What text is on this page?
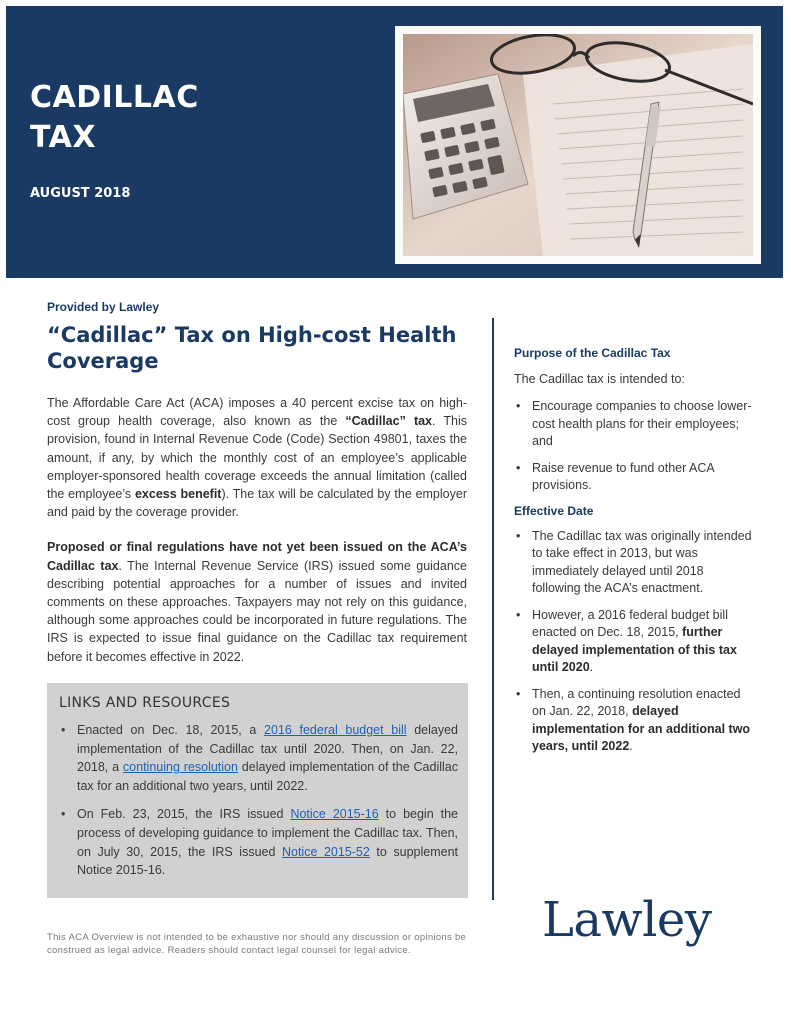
CADILLAC
TAX
AUGUST 2018
Provided by Lawley
“Cadillac” Tax on High-cost Health Coverage

The Affordable Care Act (ACA) imposes a 40 percent excise tax on high-cost group health coverage, also known as the “Cadillac” tax. This provision, found in Internal Revenue Code (Code) Section 49801, taxes the amount, if any, by which the monthly cost of an employee’s applicable employer-sponsored health coverage exceeds the annual limitation (called the employee’s excess benefit). The tax will be calculated by the employer and paid by the coverage provider.

Proposed or final regulations have not yet been issued on the ACA’s Cadillac tax. The Internal Revenue Service (IRS) issued some guidance describing potential approaches for a number of issues and invited comments on these approaches. Taxpayers may not rely on this guidance, although some approaches could be incorporated in future regulations. The IRS is expected to issue final guidance on the Cadillac tax requirement before it becomes effective in 2022.

LINKS AND RESOURCES
• Enacted on Dec. 18, 2015, a 2016 federal budget bill delayed implementation of the Cadillac tax until 2020. Then, on Jan. 22, 2018, a continuing resolution delayed implementation of the Cadillac tax for an additional two years, until 2022.
• On Feb. 23, 2015, the IRS issued Notice 2015-16 to begin the process of developing guidance to implement the Cadillac tax. Then, on July 30, 2015, the IRS issued Notice 2015-52 to supplement Notice 2015-16.
This ACA Overview is not intended to be exhaustive nor should any discussion or opinions be construed as legal advice. Readers should contact legal counsel for legal advice.
Purpose of the Cadillac Tax
The Cadillac tax is intended to:
• Encourage companies to choose lower-cost health plans for their employees; and
• Raise revenue to fund other ACA provisions.
Effective Date
• The Cadillac tax was originally intended to take effect in 2013, but was immediately delayed until 2018 following the ACA’s enactment.
• However, a 2016 federal budget bill enacted on Dec. 18, 2015, further delayed implementation of this tax until 2020.
• Then, a continuing resolution enacted on Jan. 22, 2018, delayed implementation for an additional two years, until 2022.
Lawley
